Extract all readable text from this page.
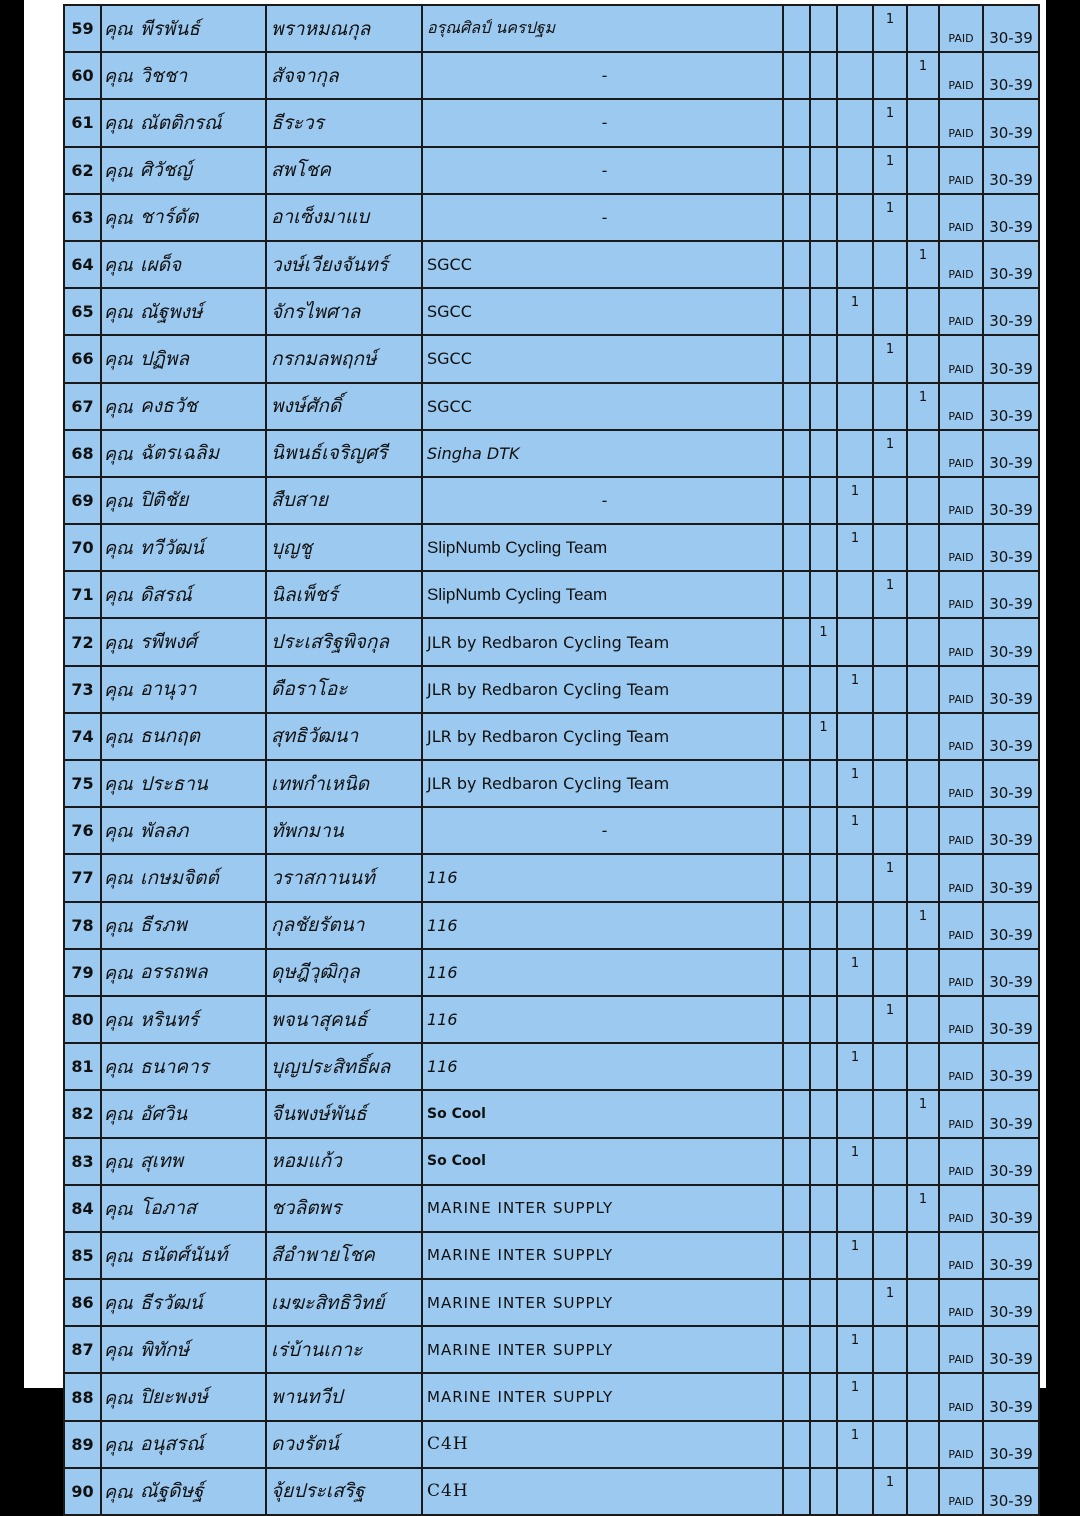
59	คุณ พีรพันธ์	พราหมณกุล	อรุณศิลป์ นครปฐม				1		PAID	30-39
60	คุณ วิชชา	สัจจากุล	-					1	PAID	30-39
61	คุณ ณัตติกรณ์	ธีระวร	-				1		PAID	30-39
62	คุณ ศิวัชญ์	สพโชค	-				1		PAID	30-39
63	คุณ ชาร์ดัต	อาเซ็งมาแบ	-				1		PAID	30-39
64	คุณ เผด็จ	วงษ์เวียงจันทร์	SGCC					1	PAID	30-39
65	คุณ ณัฐพงษ์	จักรไพศาล	SGCC			1			PAID	30-39
66	คุณ ปฏิพล	กรกมลพฤกษ์	SGCC				1		PAID	30-39
67	คุณ คงธวัช	พงษ์ศักดิ์	SGCC					1	PAID	30-39
68	คุณ ฉัตรเฉลิม	นิพนธ์เจริญศรี	Singha DTK				1		PAID	30-39
69	คุณ ปิติชัย	สืบสาย	-			1			PAID	30-39
70	คุณ ทวีวัฒน์	บุญชู	SlipNumb Cycling Team			1			PAID	30-39
71	คุณ ดิสรณ์	นิลเพ็ชร์	SlipNumb Cycling Team				1		PAID	30-39
72	คุณ รพีพงศ์	ประเสริฐพิจกุล	JLR by Redbaron Cycling Team		1				PAID	30-39
73	คุณ อานุวา	ดือราโอะ	JLR by Redbaron Cycling Team			1			PAID	30-39
74	คุณ ธนกฤต	สุทธิวัฒนา	JLR by Redbaron Cycling Team		1				PAID	30-39
75	คุณ ประธาน	เทพกำเหนิด	JLR by Redbaron Cycling Team			1			PAID	30-39
76	คุณ พัลลภ	ทัพกมาน	-			1			PAID	30-39
77	คุณ เกษมจิตต์	วราสกานนท์	116				1		PAID	30-39
78	คุณ ธีรภพ	กุลชัยรัตนา	116					1	PAID	30-39
79	คุณ อรรถพล	ดุษฎีวุฒิกุล	116			1			PAID	30-39
80	คุณ หรินทร์	พจนาสุคนธ์	116				1		PAID	30-39
81	คุณ ธนาคาร	บุญประสิทธิ์ผล	116			1			PAID	30-39
82	คุณ อัศวิน	จีนพงษ์พันธ์	So Cool					1	PAID	30-39
83	คุณ สุเทพ	หอมแก้ว	So Cool			1			PAID	30-39
84	คุณ โอภาส	ชวลิตพร	MARINE INTER SUPPLY					1	PAID	30-39
85	คุณ ธนัตศ์นันท์	สีอำพายโชค	MARINE INTER SUPPLY			1			PAID	30-39
86	คุณ ธีรวัฒน์	เมฆะสิทธิวิทย์	MARINE INTER SUPPLY				1		PAID	30-39
87	คุณ พิทักษ์	เร่บ้านเกาะ	MARINE INTER SUPPLY			1			PAID	30-39
88	คุณ ปิยะพงษ์	พานทวีป	MARINE INTER SUPPLY			1			PAID	30-39
89	คุณ อนุสรณ์	ดวงรัตน์	C4H			1			PAID	30-39
90	คุณ ณัฐดิษฐ์	จุ้ยประเสริฐ	C4H				1		PAID	30-39
